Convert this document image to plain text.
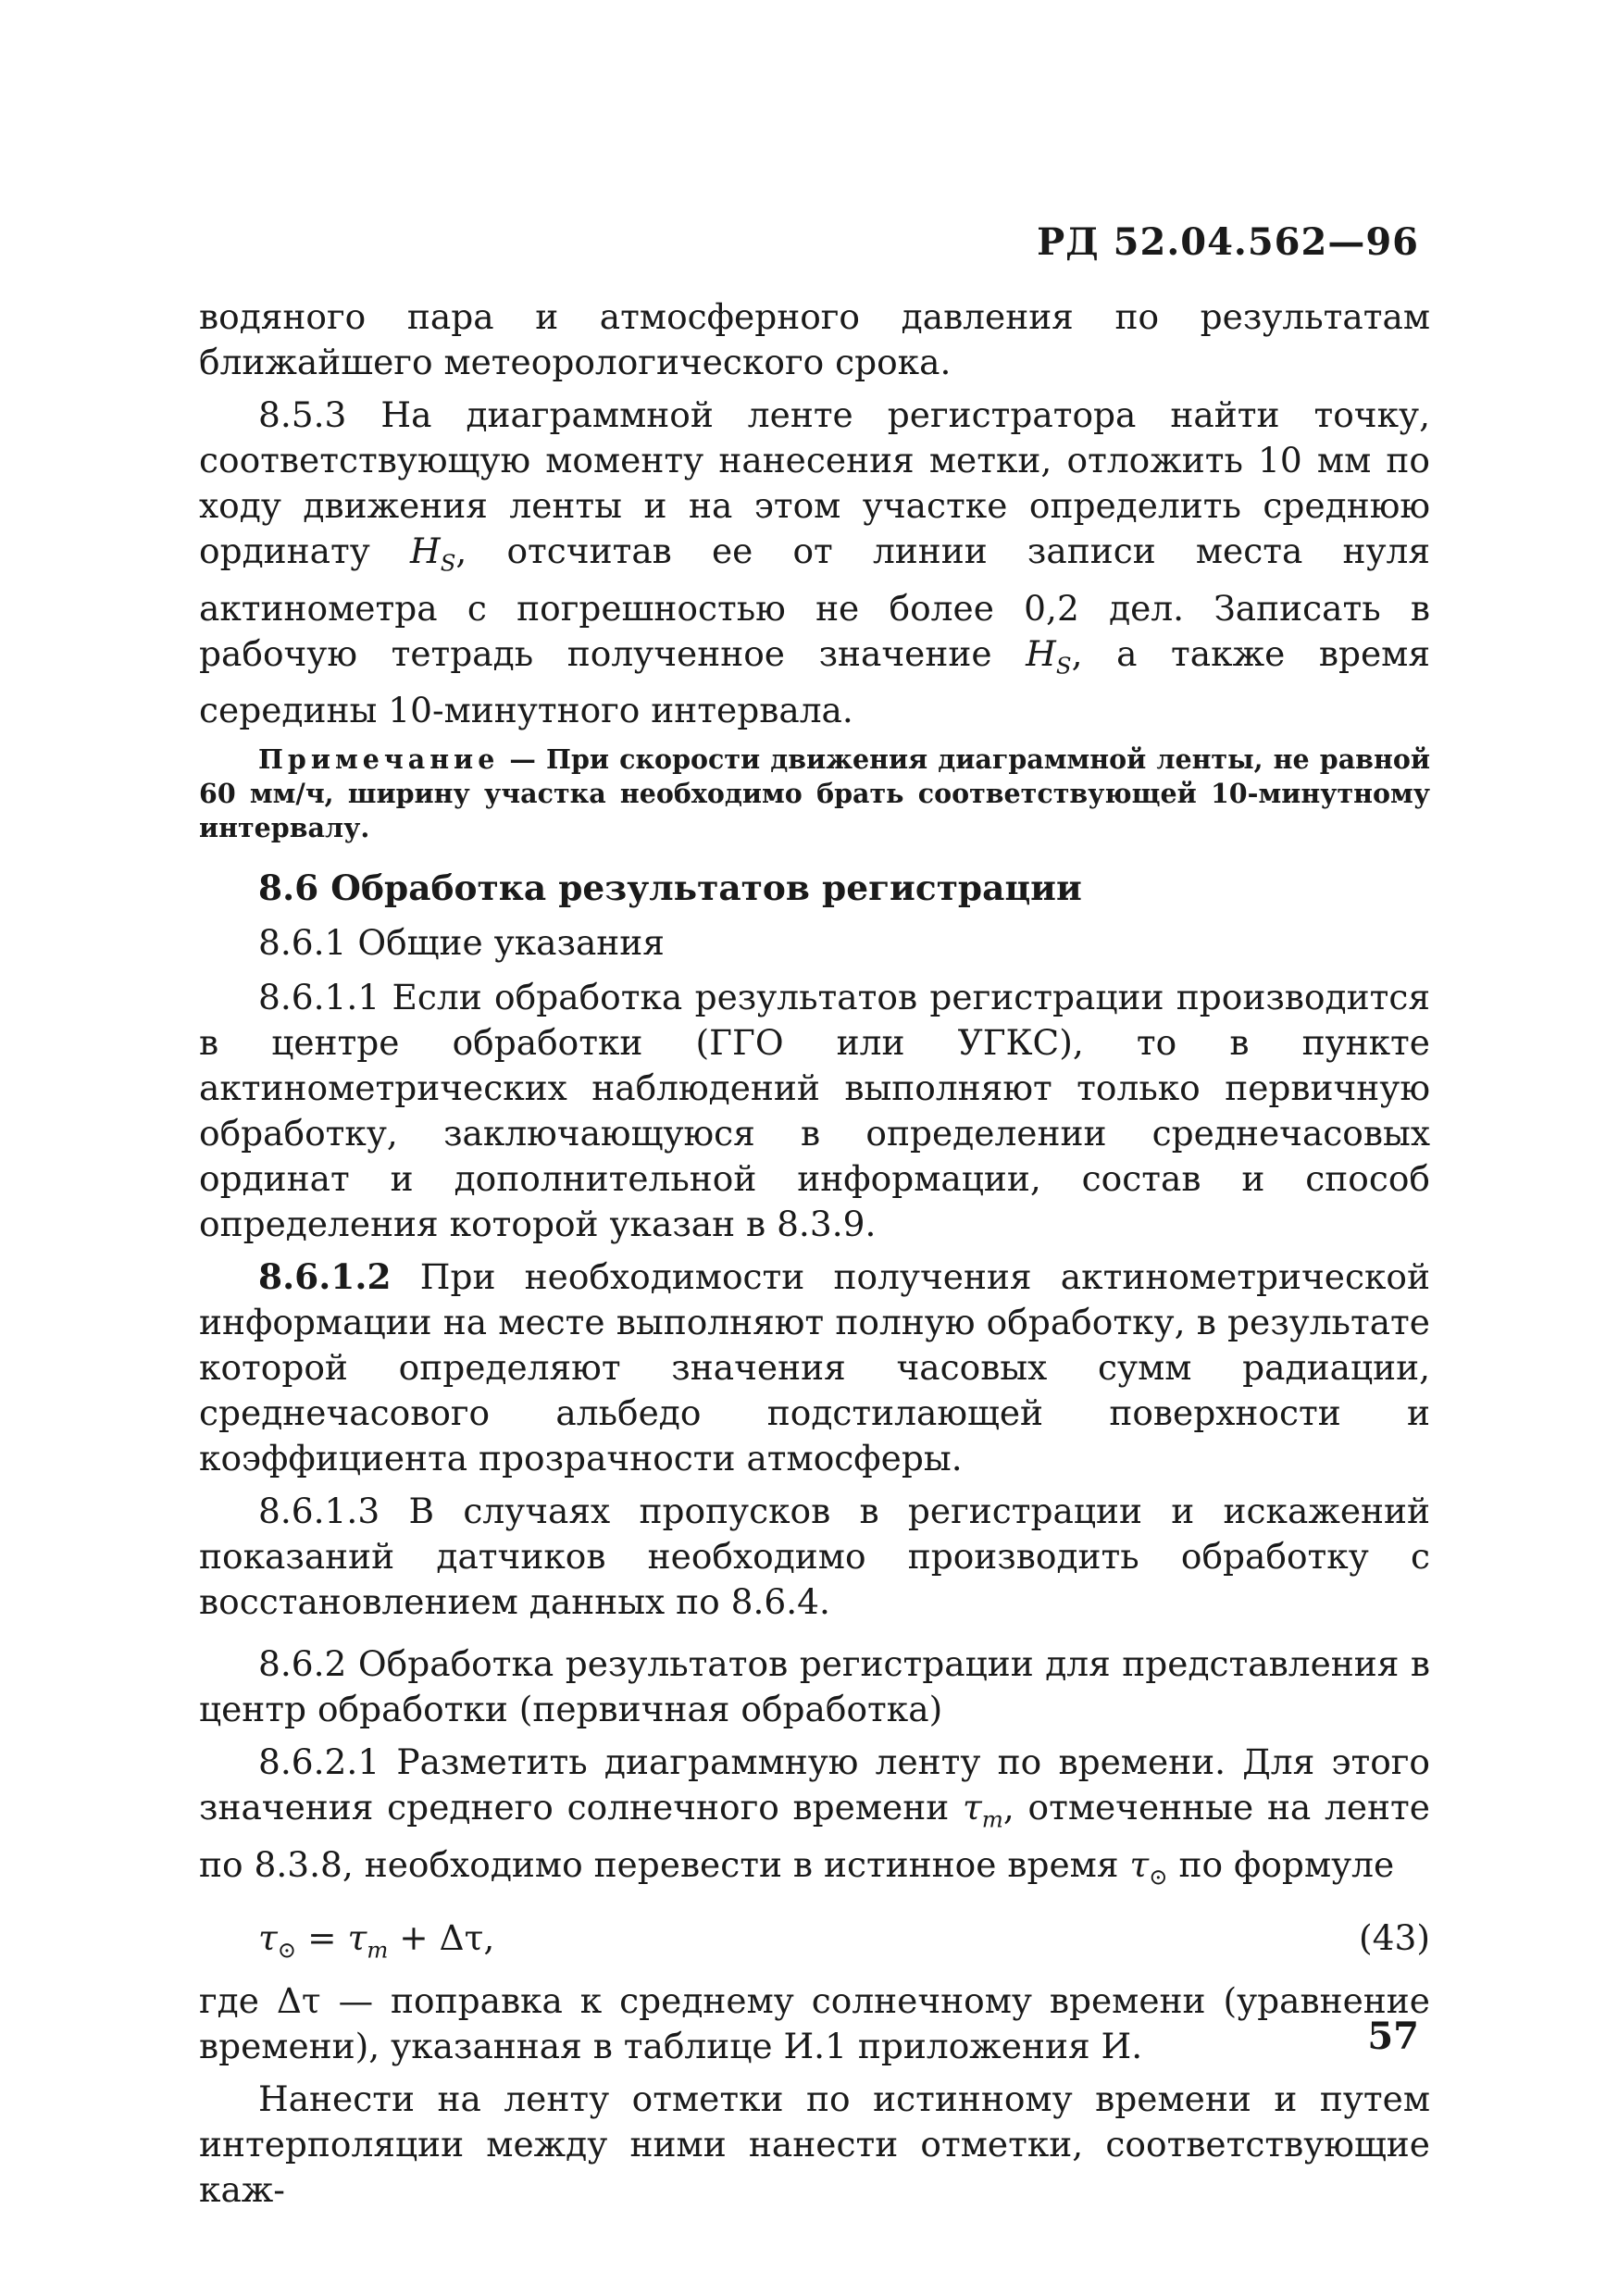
РД 52.04.562—96

водяного пара и атмосферного давления по результатам ближайшего метеорологического срока.

8.5.3 На диаграммной ленте регистратора найти точку, соответствующую моменту нанесения метки, отложить 10 мм по ходу движения ленты и на этом участке определить среднюю ординату $H_S$, отсчитав ее от линии записи места нуля актинометра с погрешностью не более 0,2 дел. Записать в рабочую тетрадь полученное значение $H_S$, а также время середины 10-минутного интервала.

Примечание — При скорости движения диаграммной ленты, не равной 60 мм/ч, ширину участка необходимо брать соответствующей 10-минутному интервалу.

8.6 Обработка результатов регистрации

8.6.1 Общие указания

8.6.1.1 Если обработка результатов регистрации производится в центре обработки (ГГО или УГКС), то в пункте актинометрических наблюдений выполняют только первичную обработку, заключающуюся в определении среднечасовых ординат и дополнительной информации, состав и способ определения которой указан в 8.3.9.

8.6.1.2 При необходимости получения актинометрической информации на месте выполняют полную обработку, в результате которой определяют значения часовых сумм радиации, среднечасового альбедо подстилающей поверхности и коэффициента прозрачности атмосферы.

8.6.1.3 В случаях пропусков в регистрации и искажений показаний датчиков необходимо производить обработку с восстановлением данных по 8.6.4.

8.6.2 Обработка результатов регистрации для представления в центр обработки (первичная обработка)

8.6.2.1 Разметить диаграммную ленту по времени. Для этого значения среднего солнечного времени $\tau_m$, отмеченные на ленте по 8.3.8, необходимо перевести в истинное время $\tau_⊙$ по формуле

$\tau_⊙ = \tau_m + \Delta\tau$,	(43)

где Δτ — поправка к среднему солнечному времени (уравнение времени), указанная в таблице И.1 приложения И.

Нанести на ленту отметки по истинному времени и путем интерполяции между ними нанести отметки, соответствующие каж-

57
